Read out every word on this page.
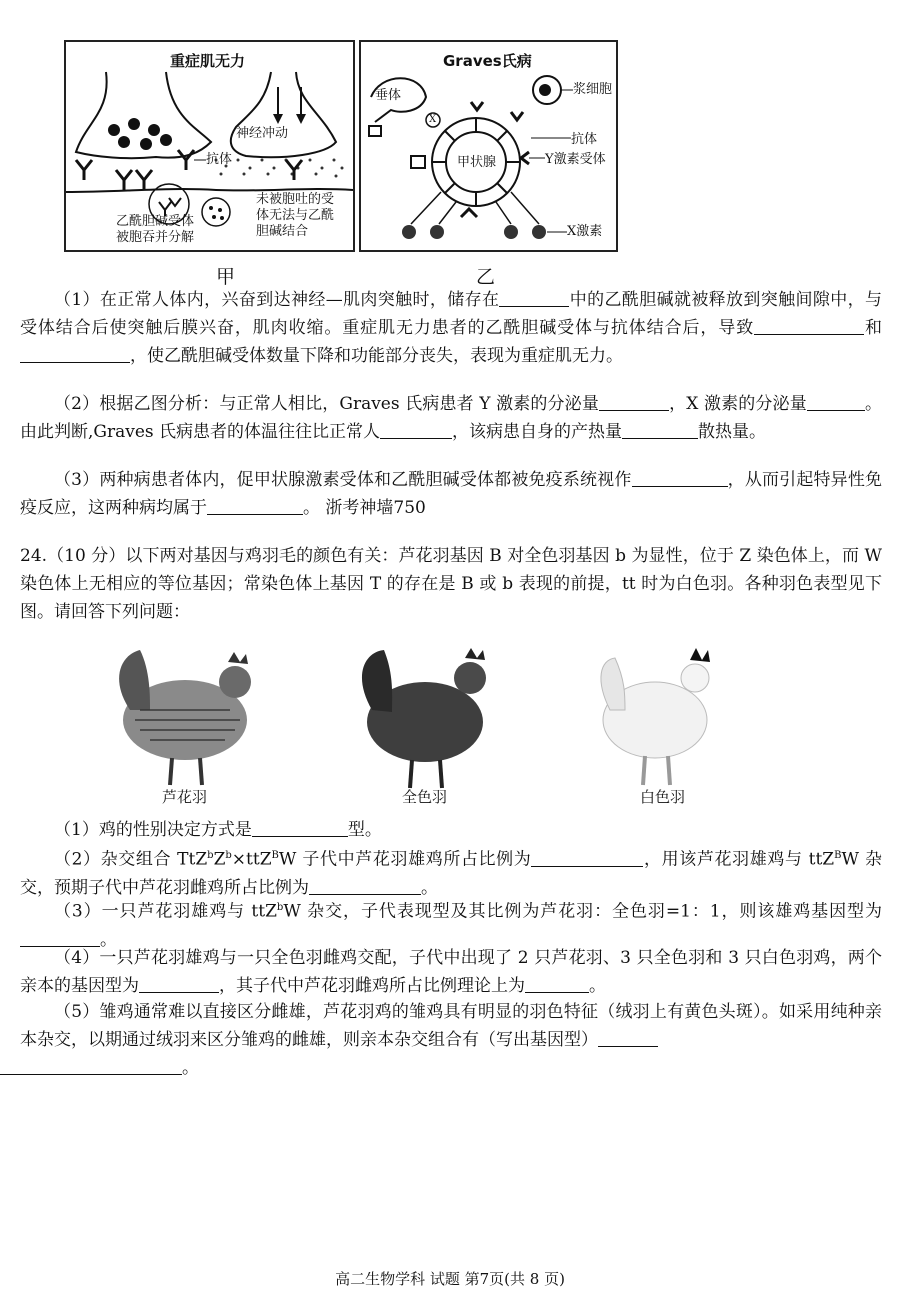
重症肌无力
神经冲动
抗体
乙酰胆碱受体
被胞吞并分解
未被胞吐的受
体无法与乙酰
胆碱结合
甲
Graves氏病
垂体
X
甲状腺
浆细胞
抗体
Y激素受体
X激素
乙
（1）在正常人体内，兴奋到达神经—肌肉突触时，储存在	中的乙酰胆碱就被释放到突触间隙中，与受体结合后使突触后膜兴奋，肌肉收缩。重症肌无力患者的乙酰胆碱受体与抗体结合后，导致	和，使乙酰胆碱受体数量下降和功能部分丧失，表现为重症肌无力。
（2）根据乙图分析：与正常人相比，Graves 氏病患者 Y 激素的分泌量	，X 激素的分泌量	。由此判断,Graves 氏病患者的体温往往比正常人	，该病患自身的产热量	散热量。
（3）两种病患者体内，促甲状腺激素受体和乙酰胆碱受体都被免疫系统视作	，从而引起特异性免疫反应，这两种病均属于	。 浙考神墙750
24.（10 分）以下两对基因与鸡羽毛的颜色有关：芦花羽基因 B 对全色羽基因 b 为显性，位于 Z 染色体上，而 W 染色体上无相应的等位基因；常染色体上基因 T 的存在是 B 或 b 表现的前提，tt 时为白色羽。各种羽色表型见下图。请回答下列问题：
芦花羽	全色羽	白色羽
（1）鸡的性别决定方式是	型。
（2）杂交组合 $TtZ^bZ^b\times ttZ^BW$ 子代中芦花羽雄鸡所占比例为	，用该芦花羽雄鸡与 ttZ$^B$W 杂交，预期子代中芦花羽雌鸡所占比例为	。
（3）一只芦花羽雄鸡与 ttZ$^b$W 杂交，子代表现型及其比例为芦花羽：全色羽=1：1，则该雄鸡基因型为。
（4）一只芦花羽雄鸡与一只全色羽雌鸡交配，子代中出现了 2 只芦花羽、3 只全色羽和 3 只白色羽鸡，两个亲本的基因型为	，其子代中芦花羽雌鸡所占比例理论上为	。
（5）雏鸡通常难以直接区分雌雄，芦花羽鸡的雏鸡具有明显的羽色特征（绒羽上有黄色头斑）。如采用纯种亲本杂交，以期通过绒羽来区分雏鸡的雌雄，则亲本杂交组合有（写出基因型）
。
高二生物学科 试题 第7页(共 8 页)
